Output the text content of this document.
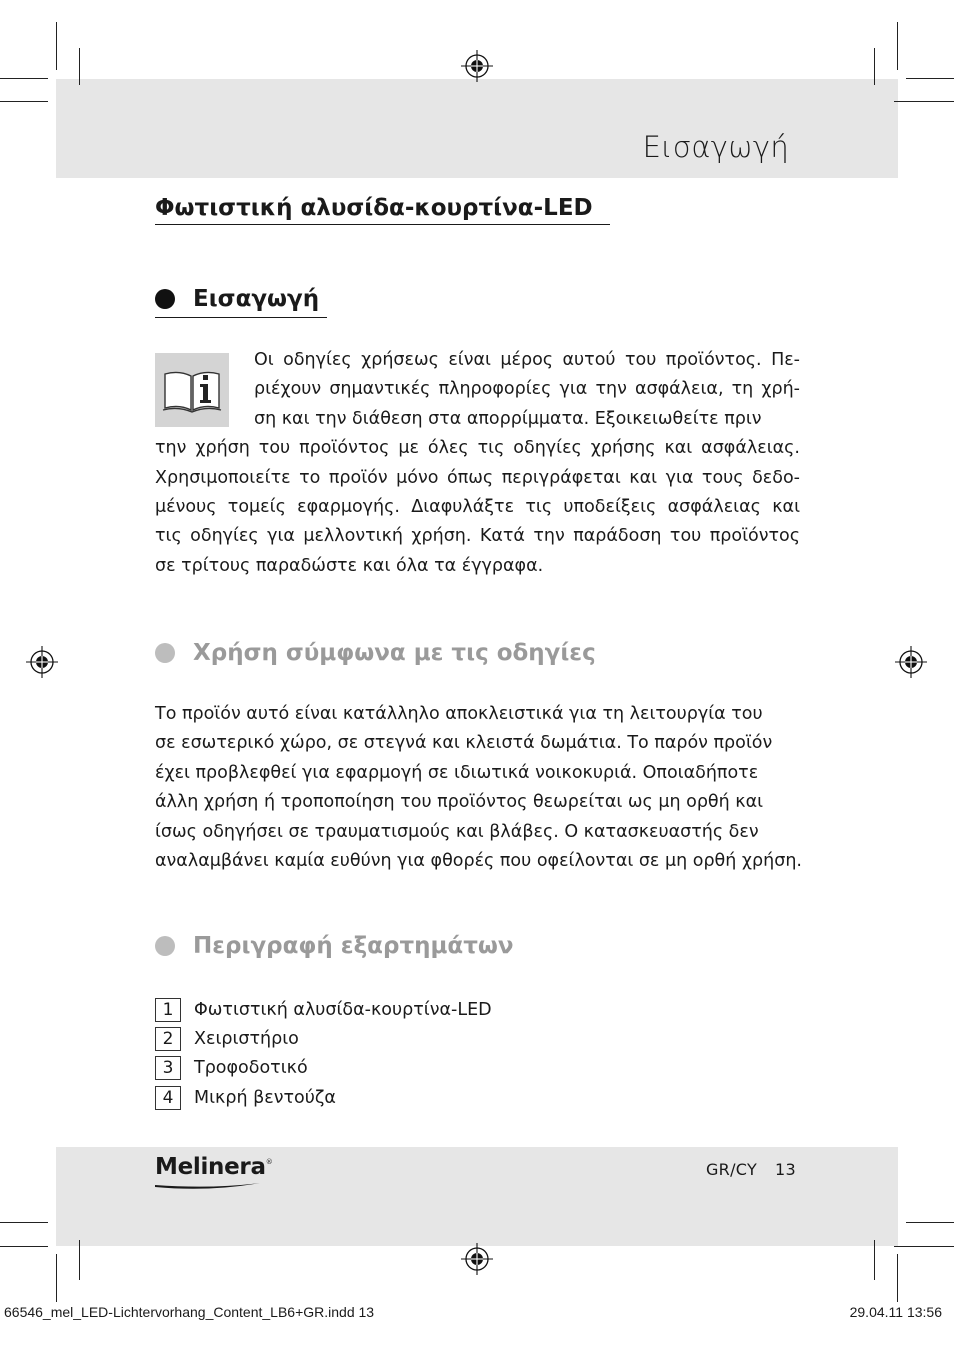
Εισαγωγή
Φωτιστική αλυσίδα-κουρτίνα-LED
Εισαγωγή

Οι οδηγίες χρήσεως είναι μέρος αυτού του προϊόντος. Πε-
ριέχουν σημαντικές πληροφορίες για την ασφάλεια, τη χρή-
ση και την διάθεση στα απορρίμματα. Εξοικειωθείτε πριν
την χρήση του προϊόντος με όλες τις οδηγίες χρήσης και ασφάλειας.
Χρησιμοποιείτε το προϊόν μόνο όπως περιγράφεται και για τους δεδο-
μένους τομείς εφαρμογής. Διαφυλάξτε τις υποδείξεις ασφάλειας και
τις οδηγίες για μελλοντική χρήση. Κατά την παράδοση του προϊόντος
σε τρίτους παραδώστε και όλα τα έγγραφα.

Χρήση σύμφωνα με τις οδηγίες

Το προϊόν αυτό είναι κατάλληλο αποκλειστικά για τη λειτουργία του
σε εσωτερικό χώρο, σε στεγνά και κλειστά δωμάτια. Το παρόν προϊόν
έχει προβλεφθεί για εφαρμογή σε ιδιωτικά νοικοκυριά. Οποιαδήποτε
άλλη χρήση ή τροποποίηση του προϊόντος θεωρείται ως μη ορθή και
ίσως οδηγήσει σε τραυματισμούς και βλάβες. Ο κατασκευαστής δεν
αναλαμβάνει καμία ευθύνη για φθορές που οφείλονται σε μη ορθή χρήση.

Περιγραφή εξαρτημάτων
1	Φωτιστική αλυσίδα-κουρτίνα-LED
2	Χειριστήριο
3	Τροφοδοτικό
4	Μικρή βεντούζα
Melinera®	GR/CY 13
66546_mel_LED-Lichtervorhang_Content_LB6+GR.indd 13	29.04.11 13:56
